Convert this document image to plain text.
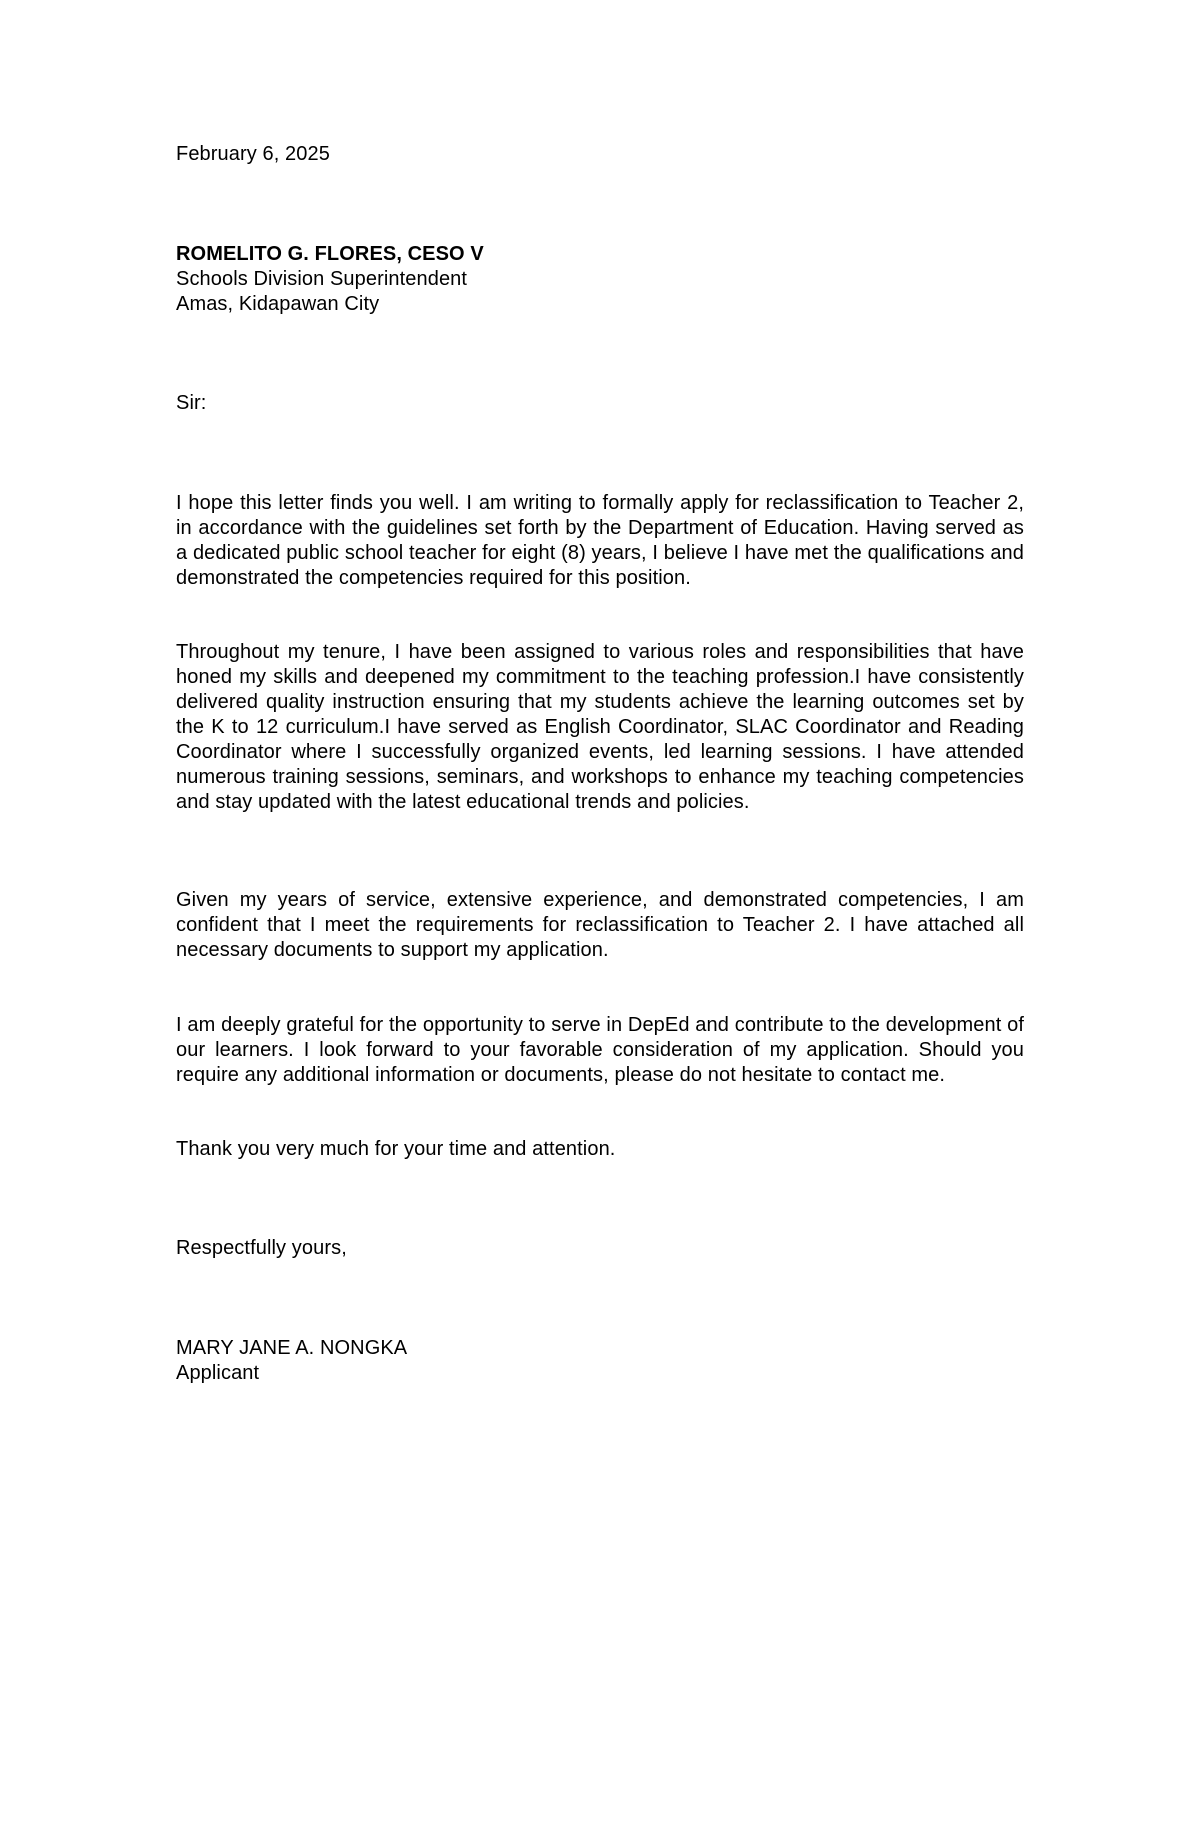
February 6, 2025
ROMELITO G. FLORES, CESO V
Schools Division Superintendent
Amas, Kidapawan City
Sir:
I hope this letter finds you well. I am writing to formally apply for reclassification to Teacher 2, in accordance with the guidelines set forth by the Department of Education. Having served as a dedicated public school teacher for eight (8) years, I believe I have met the qualifications and demonstrated the competencies required for this position.
Throughout my tenure, I have been assigned to various roles and responsibilities that have honed my skills and deepened my commitment to the teaching profession.I have consistently delivered quality instruction ensuring that my students achieve the learning outcomes set by the K to 12 curriculum.I have served as English Coordinator, SLAC Coordinator and Reading Coordinator where I successfully organized events, led learning sessions. I have attended numerous training sessions, seminars, and workshops to enhance my teaching competencies and stay updated with the latest educational trends and policies.
Given my years of service, extensive experience, and demonstrated competencies, I am confident that I meet the requirements for reclassification to Teacher 2. I have attached all necessary documents to support my application.
I am deeply grateful for the opportunity to serve in DepEd and contribute to the development of our learners. I look forward to your favorable consideration of my application. Should you require any additional information or documents, please do not hesitate to contact me.
Thank you very much for your time and attention.
Respectfully yours,
MARY JANE A. NONGKA
Applicant
